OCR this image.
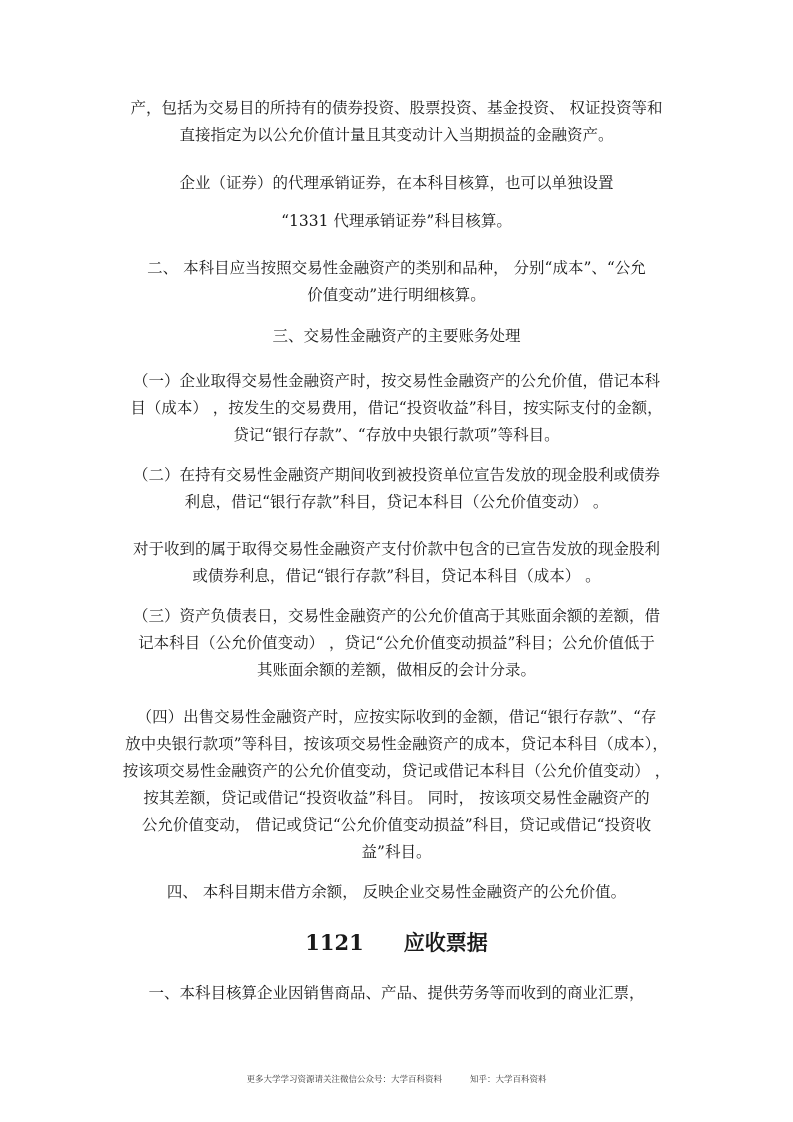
产，包括为交易目的所持有的债券投资、股票投资、基金投资、 权证投资等和
直接指定为以公允价值计量且其变动计入当期损益的金融资产。
企业（证券）的代理承销证券，在本科目核算，也可以单独设置
“1331 代理承销证券”科目核算。
二、 本科目应当按照交易性金融资产的类别和品种， 分别“成本”、“公允
价值变动”进行明细核算。
三、交易性金融资产的主要账务处理
（一）企业取得交易性金融资产时，按交易性金融资产的公允价值，借记本科
目（成本） ，按发生的交易费用，借记“投资收益”科目，按实际支付的金额，
贷记“银行存款”、“存放中央银行款项”等科目。
（二）在持有交易性金融资产期间收到被投资单位宣告发放的现金股利或债券
利息，借记“银行存款”科目，贷记本科目（公允价值变动） 。
对于收到的属于取得交易性金融资产支付价款中包含的已宣告发放的现金股利
或债券利息，借记“银行存款”科目，贷记本科目（成本） 。
（三）资产负债表日，交易性金融资产的公允价值高于其账面余额的差额，借
记本科目（公允价值变动） ，贷记“公允价值变动损益”科目；公允价值低于
其账面余额的差额，做相反的会计分录。
（四）出售交易性金融资产时，应按实际收到的金额，借记“银行存款”、“存
放中央银行款项”等科目，按该项交易性金融资产的成本，贷记本科目（成本），
按该项交易性金融资产的公允价值变动，贷记或借记本科目（公允价值变动） ，
按其差额，贷记或借记“投资收益”科目。 同时， 按该项交易性金融资产的
公允价值变动， 借记或贷记“公允价值变动损益”科目，贷记或借记“投资收
益”科目。
四、 本科目期末借方余额， 反映企业交易性金融资产的公允价值。
1121 应收票据
一、本科目核算企业因销售商品、产品、提供劳务等而收到的商业汇票，
更多大学学习资源请关注微信公众号：大学百科资料	知乎：大学百科资料
